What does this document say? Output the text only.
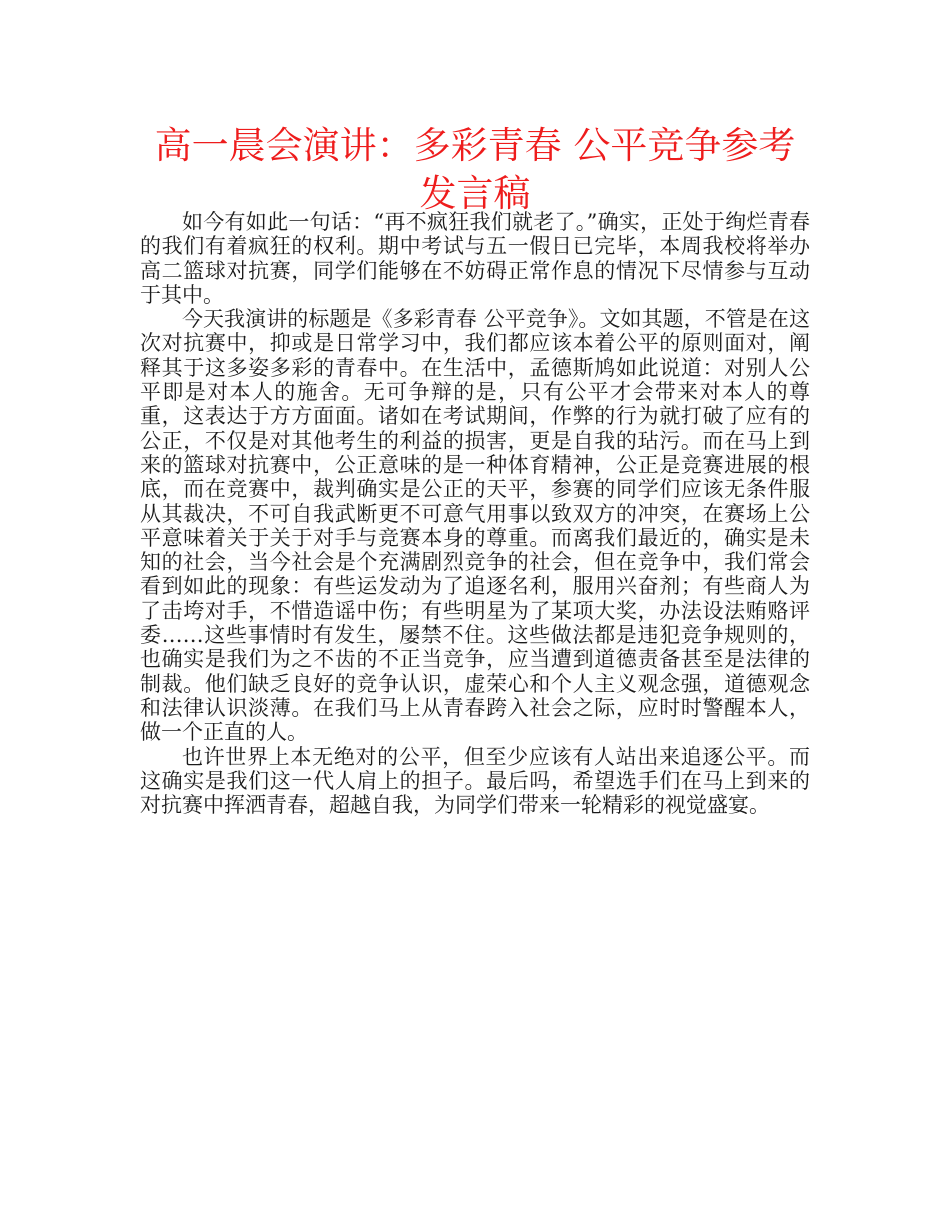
高一晨会演讲：多彩青春 公平竞争参考发言稿

如今有如此一句话：“再不疯狂我们就老了。”确实，正处于绚烂青春的我们有着疯狂的权利。期中考试与五一假日已完毕，本周我校将举办高二篮球对抗赛，同学们能够在不妨碍正常作息的情况下尽情参与互动于其中。

今天我演讲的标题是《多彩青春 公平竞争》。文如其题，不管是在这次对抗赛中，抑或是日常学习中，我们都应该本着公平的原则面对，阐释其于这多姿多彩的青春中。在生活中，孟德斯鸠如此说道：对别人公平即是对本人的施舍。无可争辩的是，只有公平才会带来对本人的尊重，这表达于方方面面。诸如在考试期间，作弊的行为就打破了应有的公正，不仅是对其他考生的利益的损害，更是自我的玷污。而在马上到来的篮球对抗赛中，公正意味的是一种体育精神，公正是竞赛进展的根底，而在竞赛中，裁判确实是公正的天平，参赛的同学们应该无条件服从其裁决，不可自我武断更不可意气用事以致双方的冲突，在赛场上公平意味着关于关于对手与竞赛本身的尊重。而离我们最近的，确实是未知的社会，当今社会是个充满剧烈竞争的社会，但在竞争中，我们常会看到如此的现象：有些运发动为了追逐名利，服用兴奋剂；有些商人为了击垮对手，不惜造谣中伤；有些明星为了某项大奖，办法设法贿赂评委……这些事情时有发生，屡禁不住。这些做法都是违犯竞争规则的，也确实是我们为之不齿的不正当竞争，应当遭到道德责备甚至是法律的制裁。他们缺乏良好的竞争认识，虚荣心和个人主义观念强，道德观念和法律认识淡薄。在我们马上从青春跨入社会之际，应时时警醒本人，做一个正直的人。

也许世界上本无绝对的公平，但至少应该有人站出来追逐公平。而这确实是我们这一代人肩上的担子。最后吗，希望选手们在马上到来的对抗赛中挥洒青春，超越自我，为同学们带来一轮精彩的视觉盛宴。
